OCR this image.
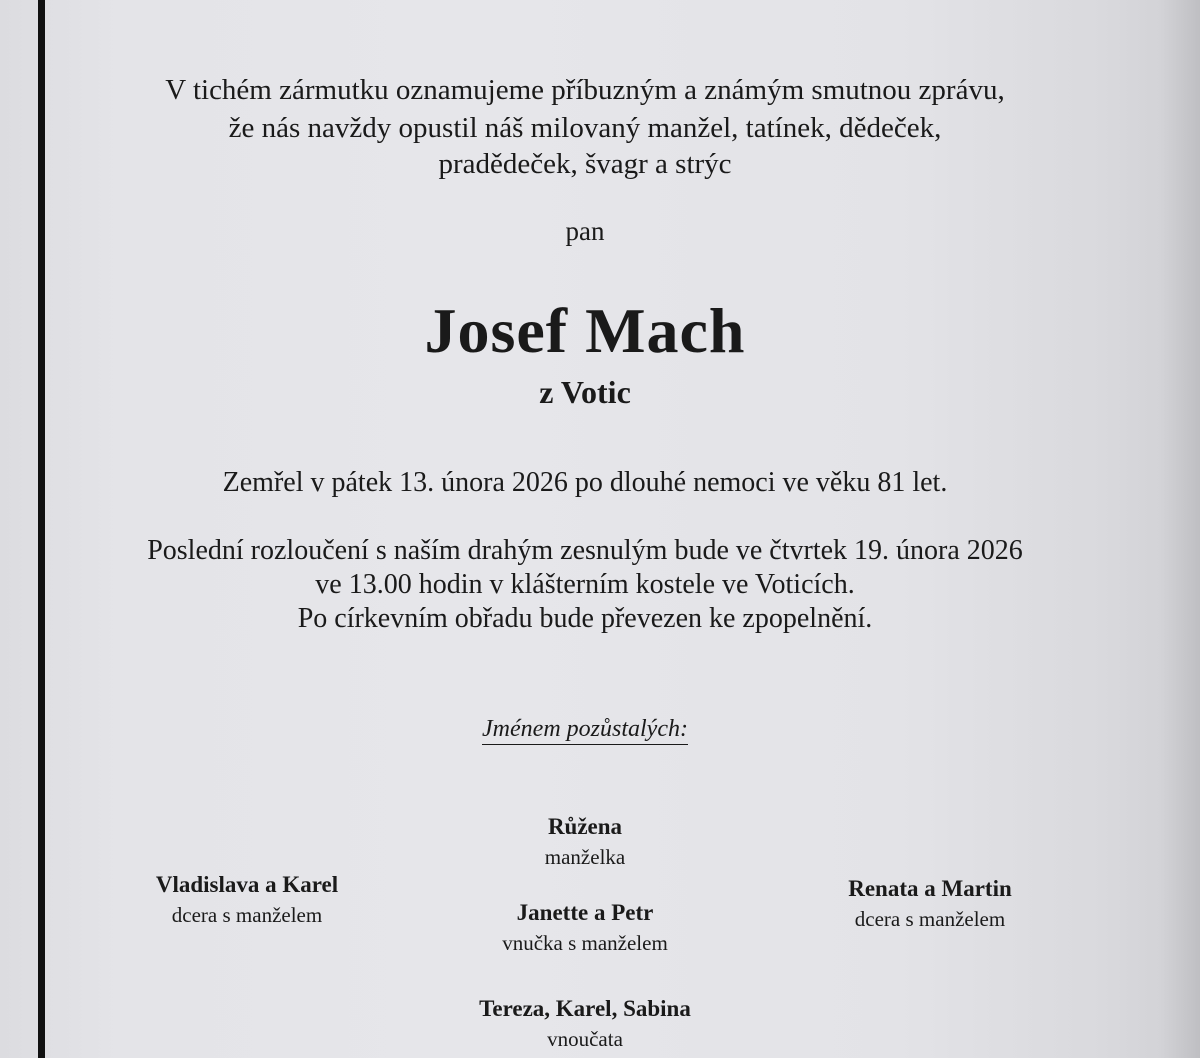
V tichém zármutku oznamujeme příbuzným a známým smutnou zprávu,
že nás navždy opustil náš milovaný manžel, tatínek, dědeček,
pradědeček, švagr a strýc
pan
Josef Mach
z Votic
Zemřel v pátek 13. února 2026 po dlouhé nemoci ve věku 81 let.
Poslední rozloučení s naším drahým zesnulým bude ve čtvrtek 19. února 2026
ve 13.00 hodin v klášterním kostele ve Voticích.
Po církevním obřadu bude převezen ke zpopelnění.
Jménem pozůstalých:
Růžena
manželka
Vladislava a Karel
dcera s manželem	Janette a Petr
vnučka s manželem
Renata a Martin
dcera s manželem
Tereza, Karel, Sabina
vnoučata
